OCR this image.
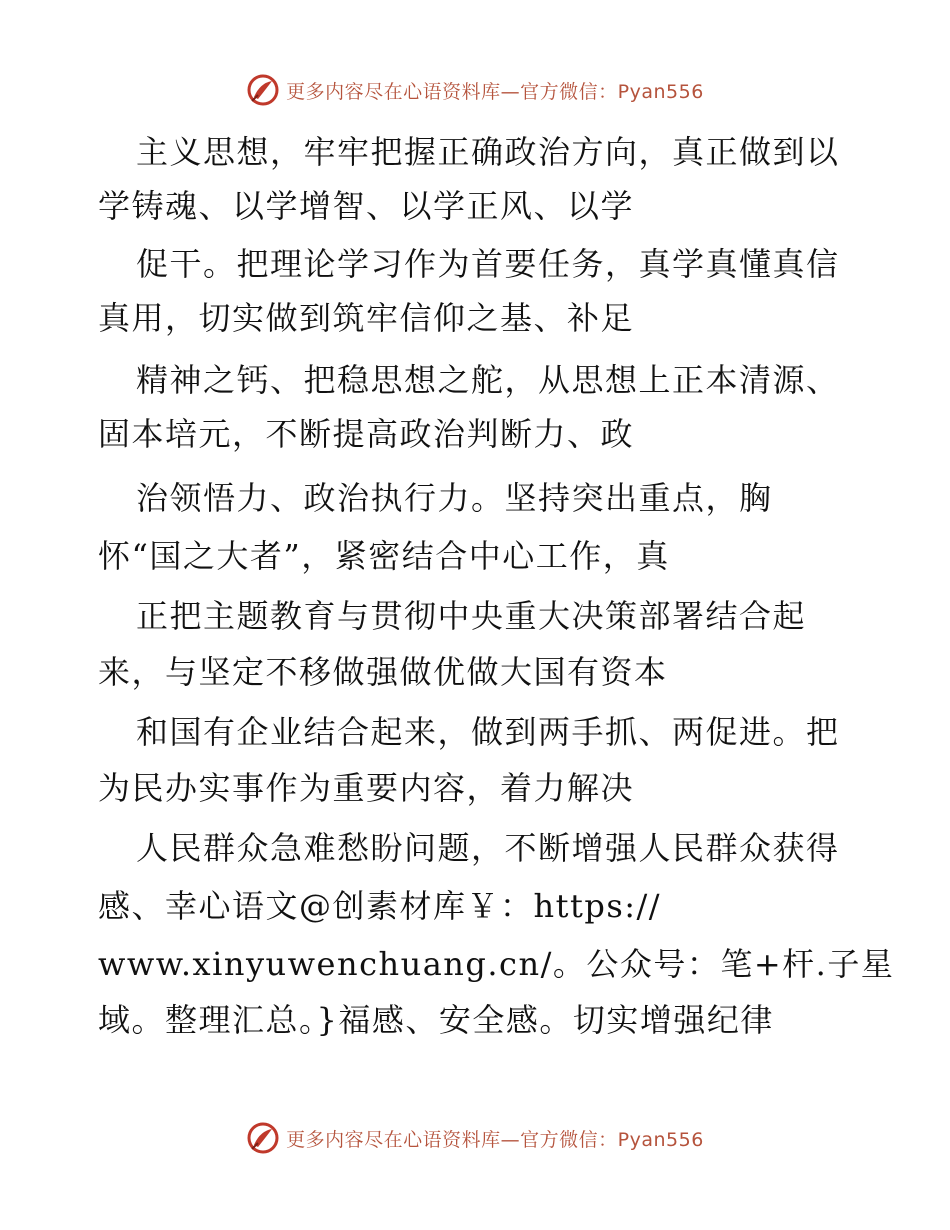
更多内容尽在心语资料库—官方微信：Pyan556
主义思想，牢牢把握正确政治方向，真正做到以
学铸魂、以学增智、以学正风、以学
促干。把理论学习作为首要任务，真学真懂真信
真用，切实做到筑牢信仰之基、补足
精神之钙、把稳思想之舵，从思想上正本清源、
固本培元，不断提高政治判断力、政
治领悟力、政治执行力。坚持突出重点，胸
怀“国之大者”，紧密结合中心工作，真
正把主题教育与贯彻中央重大决策部署结合起
来，与坚定不移做强做优做大国有资本
和国有企业结合起来，做到两手抓、两促进。把
为民办实事作为重要内容，着力解决
人民群众急难愁盼问题，不断增强人民群众获得
感、幸心语文@创素材库￥：https://
www.xinyuwenchuang.cn/。公众号：笔+杆.子星
域。整理汇总。}福感、安全感。切实增强纪律
更多内容尽在心语资料库—官方微信：Pyan556
